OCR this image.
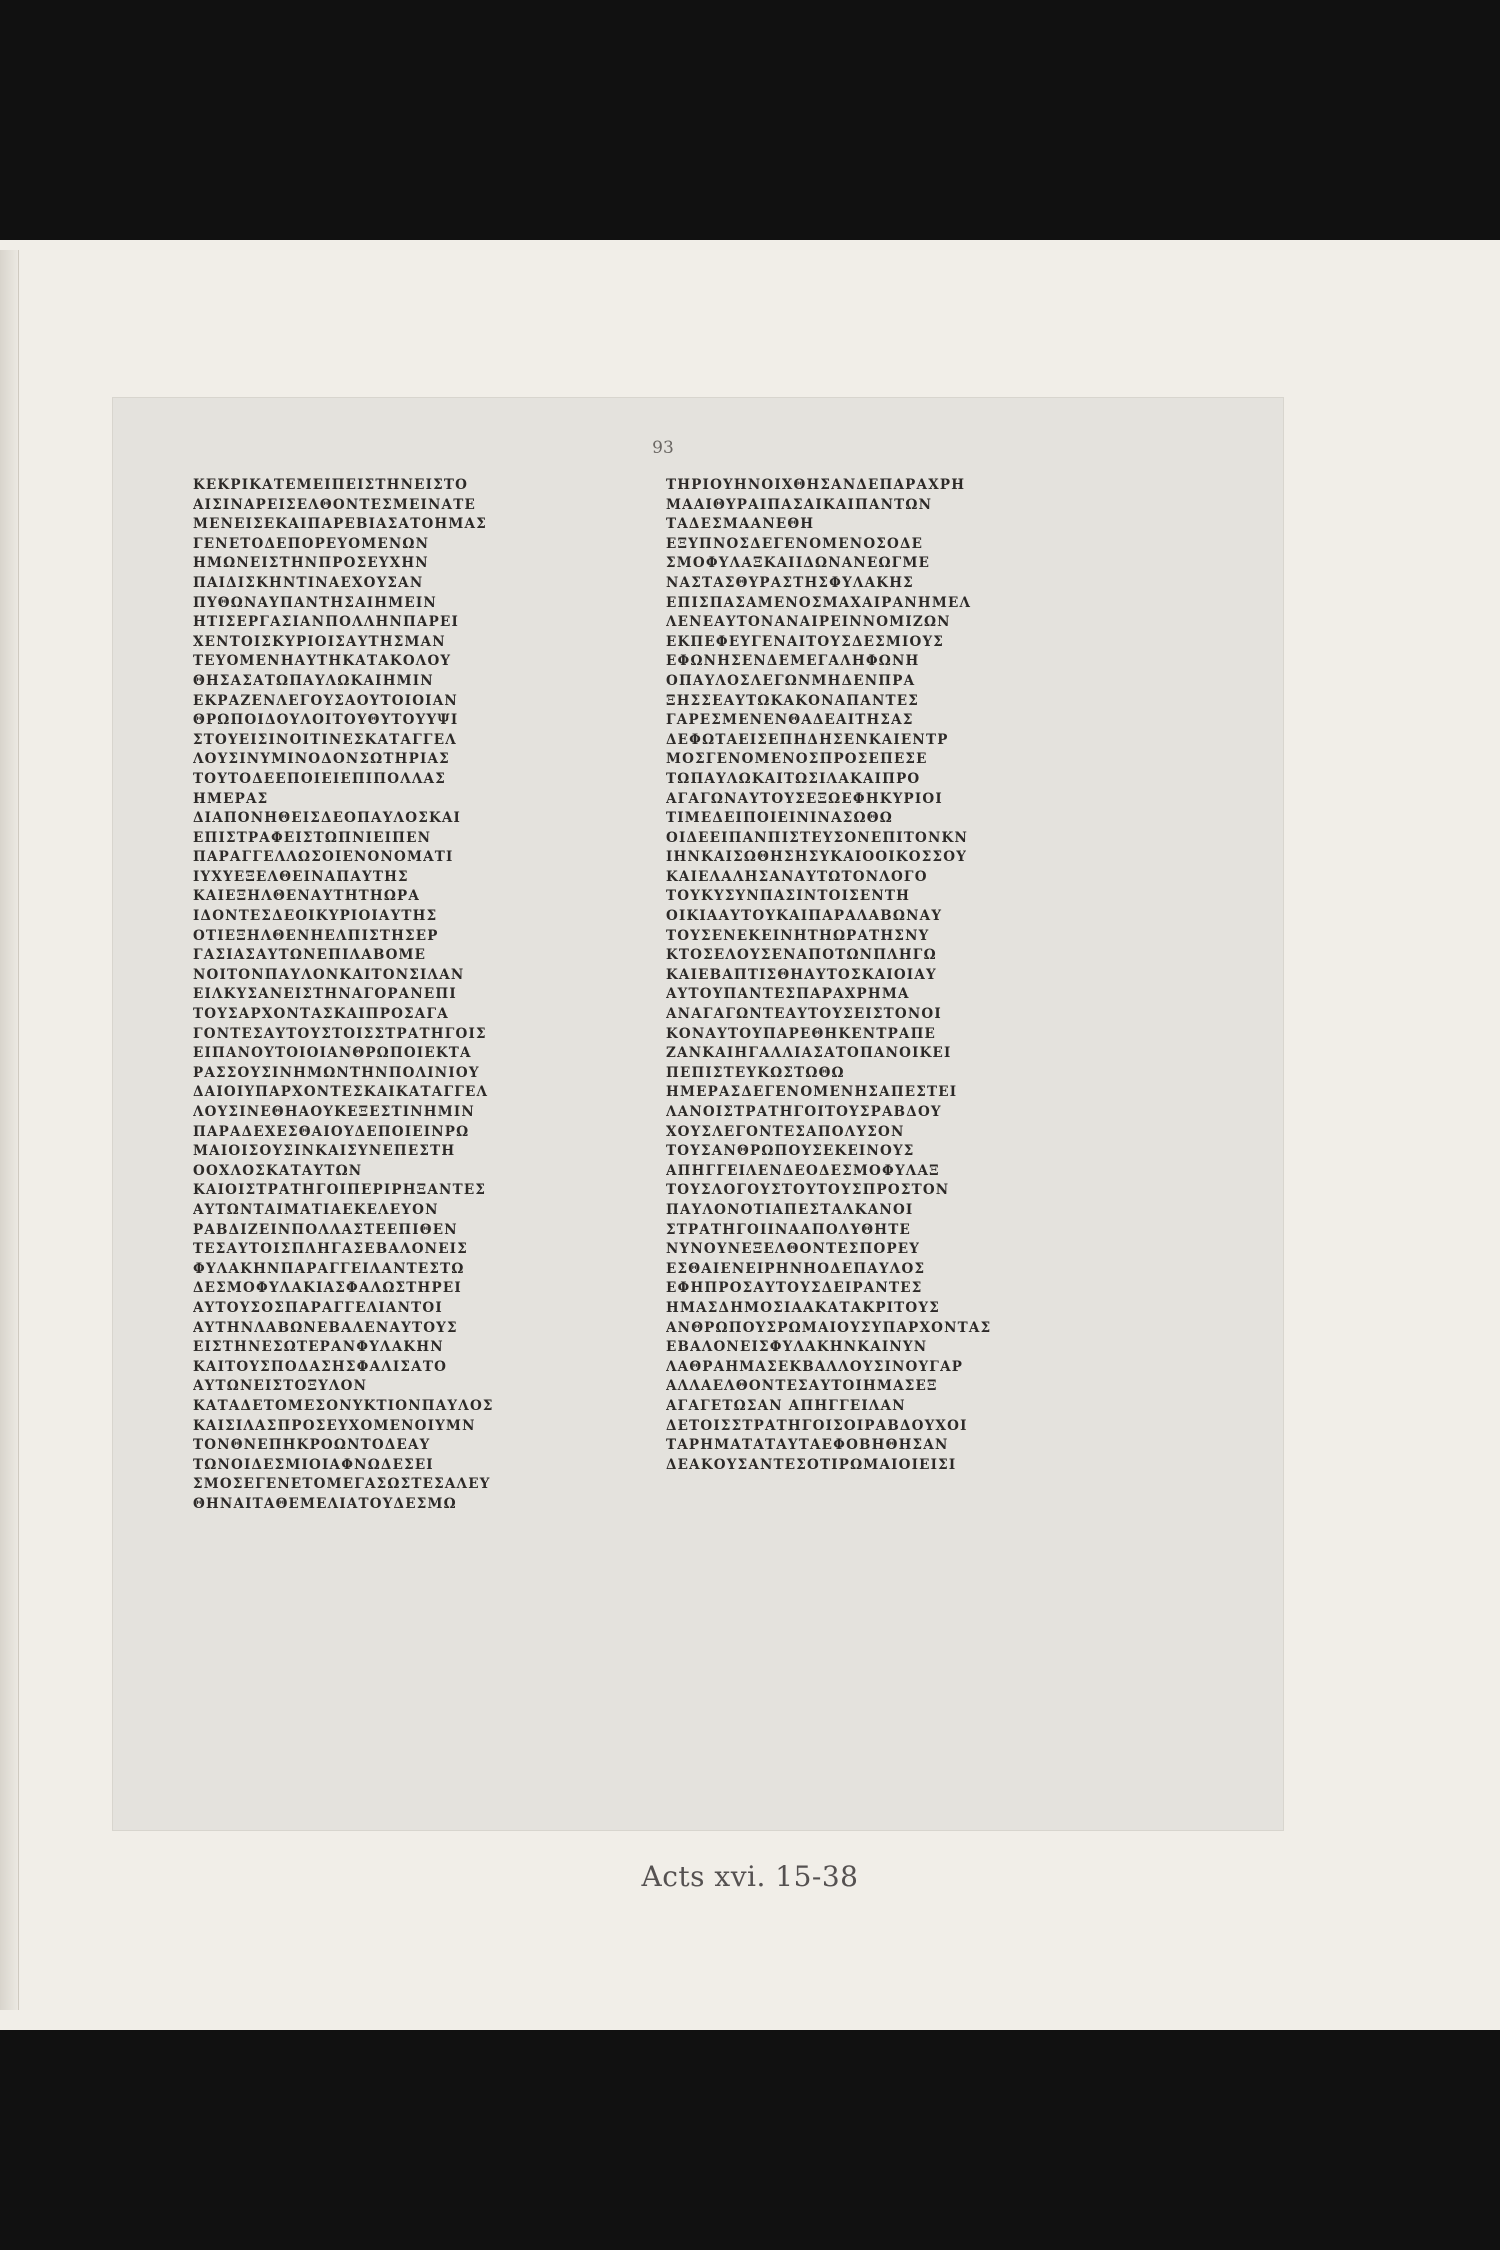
93
ΚΕΚΡΙΚΑΤΕΜΕΙΠΕΙΣΤΗΝΕΙΣΤΟ
ΑΙΣΙΝΑΡΕΙΣΕΛΘΟΝΤΕΣΜΕΙΝΑΤΕ
ΜΕΝΕΙΣΕΚΑΙΠΑΡΕΒΙΑΣΑΤΟΗΜΑΣ
ΓΕΝΕΤΟΔΕΠΟΡΕΥΟΜΕΝΩΝ
ΗΜΩΝΕΙΣΤΗΝΠΡΟΣΕΥΧΗΝ
ΠΑΙΔΙΣΚΗΝΤΙΝΑΕΧΟΥΣΑΝ
ΠΥΘΩΝΑΥΠΑΝΤΗΣΑΙΗΜΕΙΝ
ΗΤΙΣΕΡΓΑΣΙΑΝΠΟΛΛΗΝΠΑΡΕΙ
ΧΕΝΤΟΙΣΚΥΡΙΟΙΣΑΥΤΗΣΜΑΝ
ΤΕΥΟΜΕΝΗΑΥΤΗΚΑΤΑΚΟΛΟΥ
ΘΗΣΑΣΑΤΩΠΑΥΛΩΚΑΙΗΜΙΝ
ΕΚΡΑΖΕΝΛΕΓΟΥΣΑΟΥΤΟΙΟΙΑΝ
ΘΡΩΠΟΙΔΟΥΛΟΙΤΟΥΘΥΤΟΥΥΨΙ
ΣΤΟΥΕΙΣΙΝΟΙΤΙΝΕΣΚΑΤΑΓΓΕΛ
ΛΟΥΣΙΝΥΜΙΝΟΔΟΝΣΩΤΗΡΙΑΣ
ΤΟΥΤΟΔΕΕΠΟΙΕΙΕΠΙΠΟΛΛΑΣ
ΗΜΕΡΑΣ
ΔΙΑΠΟΝΗΘΕΙΣΔΕΟΠΑΥΛΟΣΚΑΙ
ΕΠΙΣΤΡΑΦΕΙΣΤΩΠΝΙΕΙΠΕΝ
ΠΑΡΑΓΓΕΛΛΩΣΟΙΕΝΟΝΟΜΑΤΙ
ΙΥΧΥΕΞΕΛΘΕΙΝΑΠΑΥΤΗΣ
ΚΑΙΕΞΗΛΘΕΝΑΥΤΗΤΗΩΡΑ
ΙΔΟΝΤΕΣΔΕΟΙΚΥΡΙΟΙΑΥΤΗΣ
ΟΤΙΕΞΗΛΘΕΝΗΕΛΠΙΣΤΗΣΕΡ
ΓΑΣΙΑΣΑΥΤΩΝΕΠΙΛΑΒΟΜΕ
ΝΟΙΤΟΝΠΑΥΛΟΝΚΑΙΤΟΝΣΙΛΑΝ
ΕΙΛΚΥΣΑΝΕΙΣΤΗΝΑΓΟΡΑΝΕΠΙ
ΤΟΥΣΑΡΧΟΝΤΑΣΚΑΙΠΡΟΣΑΓΑ
ΓΟΝΤΕΣΑΥΤΟΥΣΤΟΙΣΣΤΡΑΤΗΓΟΙΣ
ΕΙΠΑΝΟΥΤΟΙΟΙΑΝΘΡΩΠΟΙΕΚΤΑ
ΡΑΣΣΟΥΣΙΝΗΜΩΝΤΗΝΠΟΛΙΝΙΟΥ
ΔΑΙΟΙΥΠΑΡΧΟΝΤΕΣΚΑΙΚΑΤΑΓΓΕΛ
ΛΟΥΣΙΝΕΘΗΑΟΥΚΕΞΕΣΤΙΝΗΜΙΝ
ΠΑΡΑΔΕΧΕΣΘΑΙΟΥΔΕΠΟΙΕΙΝΡΩ
ΜΑΙΟΙΣΟΥΣΙΝΚΑΙΣΥΝΕΠΕΣΤΗ
ΟΟΧΛΟΣΚΑΤΑΥΤΩΝ
ΚΑΙΟΙΣΤΡΑΤΗΓΟΙΠΕΡΙΡΗΞΑΝΤΕΣ
ΑΥΤΩΝΤΑΙΜΑΤΙΑΕΚΕΛΕΥΟΝ
ΡΑΒΔΙΖΕΙΝΠΟΛΛΑΣΤΕΕΠΙΘΕΝ
ΤΕΣΑΥΤΟΙΣΠΛΗΓΑΣΕΒΑΛΟΝΕΙΣ
ΦΥΛΑΚΗΝΠΑΡΑΓΓΕΙΛΑΝΤΕΣΤΩ
ΔΕΣΜΟΦΥΛΑΚΙΑΣΦΑΛΩΣΤΗΡΕΙ
ΑΥΤΟΥΣΟΣΠΑΡΑΓΓΕΛΙΑΝΤΟΙ
ΑΥΤΗΝΛΑΒΩΝΕΒΑΛΕΝΑΥΤΟΥΣ
ΕΙΣΤΗΝΕΣΩΤΕΡΑΝΦΥΛΑΚΗΝ
ΚΑΙΤΟΥΣΠΟΔΑΣΗΣΦΑΛΙΣΑΤΟ
ΑΥΤΩΝΕΙΣΤΟΞΥΛΟΝ
ΚΑΤΑΔΕΤΟΜΕΣΟΝΥΚΤΙΟΝΠΑΥΛΟΣ
ΚΑΙΣΙΛΑΣΠΡΟΣΕΥΧΟΜΕΝΟΙΥΜΝ
ΤΟΝΘΝΕΠΗΚΡΟΩΝΤΟΔΕΑΥ
ΤΩΝΟΙΔΕΣΜΙΟΙΑΦΝΩΔΕΣΕΙ
ΣΜΟΣΕΓΕΝΕΤΟΜΕΓΑΣΩΣΤΕΣΑΛΕΥ
ΘΗΝΑΙΤΑΘΕΜΕΛΙΑΤΟΥΔΕΣΜΩ
ΤΗΡΙΟΥΗΝΟΙΧΘΗΣΑΝΔΕΠΑΡΑΧΡΗ
ΜΑΑΙΘΥΡΑΙΠΑΣΑΙΚΑΙΠΑΝΤΩΝ
ΤΑΔΕΣΜΑΑΝΕΘΗ
ΕΞΥΠΝΟΣΔΕΓΕΝΟΜΕΝΟΣΟΔΕ
ΣΜΟΦΥΛΑΞΚΑΙΙΔΩΝΑΝΕΩΓΜΕ
ΝΑΣΤΑΣΘΥΡΑΣΤΗΣΦΥΛΑΚΗΣ
ΕΠΙΣΠΑΣΑΜΕΝΟΣΜΑΧΑΙΡΑΝΗΜΕΛ
ΛΕΝΕΑΥΤΟΝΑΝΑΙΡΕΙΝΝΟΜΙΖΩΝ
ΕΚΠΕΦΕΥΓΕΝΑΙΤΟΥΣΔΕΣΜΙΟΥΣ
ΕΦΩΝΗΣΕΝΔΕΜΕΓΑΛΗΦΩΝΗ
ΟΠΑΥΛΟΣΛΕΓΩΝΜΗΔΕΝΠΡΑ
ΞΗΣΣΕΑΥΤΩΚΑΚΟΝΑΠΑΝΤΕΣ
ΓΑΡΕΣΜΕΝΕΝΘΑΔΕΑΙΤΗΣΑΣ
ΔΕΦΩΤΑΕΙΣΕΠΗΔΗΣΕΝΚΑΙΕΝΤΡ
ΜΟΣΓΕΝΟΜΕΝΟΣΠΡΟΣΕΠΕΣΕ
ΤΩΠΑΥΛΩΚΑΙΤΩΣΙΛΑΚΑΙΠΡΟ
ΑΓΑΓΩΝΑΥΤΟΥΣΕΞΩΕΦΗΚΥΡΙΟΙ
ΤΙΜΕΔΕΙΠΟΙΕΙΝΙΝΑΣΩΘΩ
ΟΙΔΕΕΙΠΑΝΠΙΣΤΕΥΣΟΝΕΠΙΤΟΝΚΝ
ΙΗΝΚΑΙΣΩΘΗΣΗΣΥΚΑΙΟΟΙΚΟΣΣΟΥ
ΚΑΙΕΛΑΛΗΣΑΝΑΥΤΩΤΟΝΛΟΓΟ
ΤΟΥΚΥΣΥΝΠΑΣΙΝΤΟΙΣΕΝΤΗ
ΟΙΚΙΑΑΥΤΟΥΚΑΙΠΑΡΑΛΑΒΩΝΑΥ
ΤΟΥΣΕΝΕΚΕΙΝΗΤΗΩΡΑΤΗΣΝΥ
ΚΤΟΣΕΛΟΥΣΕΝΑΠΟΤΩΝΠΛΗΓΩ
ΚΑΙΕΒΑΠΤΙΣΘΗΑΥΤΟΣΚΑΙΟΙΑΥ
ΑΥΤΟΥΠΑΝΤΕΣΠΑΡΑΧΡΗΜΑ
ΑΝΑΓΑΓΩΝΤΕΑΥΤΟΥΣΕΙΣΤΟΝΟΙ
ΚΟΝΑΥΤΟΥΠΑΡΕΘΗΚΕΝΤΡΑΠΕ
ΖΑΝΚΑΙΗΓΑΛΛΙΑΣΑΤΟΠΑΝΟΙΚΕΙ
ΠΕΠΙΣΤΕΥΚΩΣΤΩΘΩ
ΗΜΕΡΑΣΔΕΓΕΝΟΜΕΝΗΣΑΠΕΣΤΕΙ
ΛΑΝΟΙΣΤΡΑΤΗΓΟΙΤΟΥΣΡΑΒΔΟΥ
ΧΟΥΣΛΕΓΟΝΤΕΣΑΠΟΛΥΣΟΝ
ΤΟΥΣΑΝΘΡΩΠΟΥΣΕΚΕΙΝΟΥΣ
ΑΠΗΓΓΕΙΛΕΝΔΕΟΔΕΣΜΟΦΥΛΑΞ
ΤΟΥΣΛΟΓΟΥΣΤΟΥΤΟΥΣΠΡΟΣΤΟΝ
ΠΑΥΛΟΝΟΤΙΑΠΕΣΤΑΛΚΑΝΟΙ
ΣΤΡΑΤΗΓΟΙΙΝΑΑΠΟΛΥΘΗΤΕ
ΝΥΝΟΥΝΕΞΕΛΘΟΝΤΕΣΠΟΡΕΥ
ΕΣΘΑΙΕΝΕΙΡΗΝΗΟΔΕΠΑΥΛΟΣ
ΕΦΗΠΡΟΣΑΥΤΟΥΣΔΕΙΡΑΝΤΕΣ
ΗΜΑΣΔΗΜΟΣΙΑΑΚΑΤΑΚΡΙΤΟΥΣ
ΑΝΘΡΩΠΟΥΣΡΩΜΑΙΟΥΣΥΠΑΡΧΟΝΤΑΣ
ΕΒΑΛΟΝΕΙΣΦΥΛΑΚΗΝΚΑΙΝΥΝ
ΛΑΘΡΑΗΜΑΣΕΚΒΑΛΛΟΥΣΙΝΟΥΓΑΡ
ΑΛΛΑΕΛΘΟΝΤΕΣΑΥΤΟΙΗΜΑΣΕΞ
ΑΓΑΓΕΤΩΣΑΝ ΑΠΗΓΓΕΙΛΑΝ
ΔΕΤΟΙΣΣΤΡΑΤΗΓΟΙΣΟΙΡΑΒΔΟΥΧΟΙ
ΤΑΡΗΜΑΤΑΤΑΥΤΑΕΦΟΒΗΘΗΣΑΝ
ΔΕΑΚΟΥΣΑΝΤΕΣΟΤΙΡΩΜΑΙΟΙΕΙΣΙ
Acts xvi. 15-38
